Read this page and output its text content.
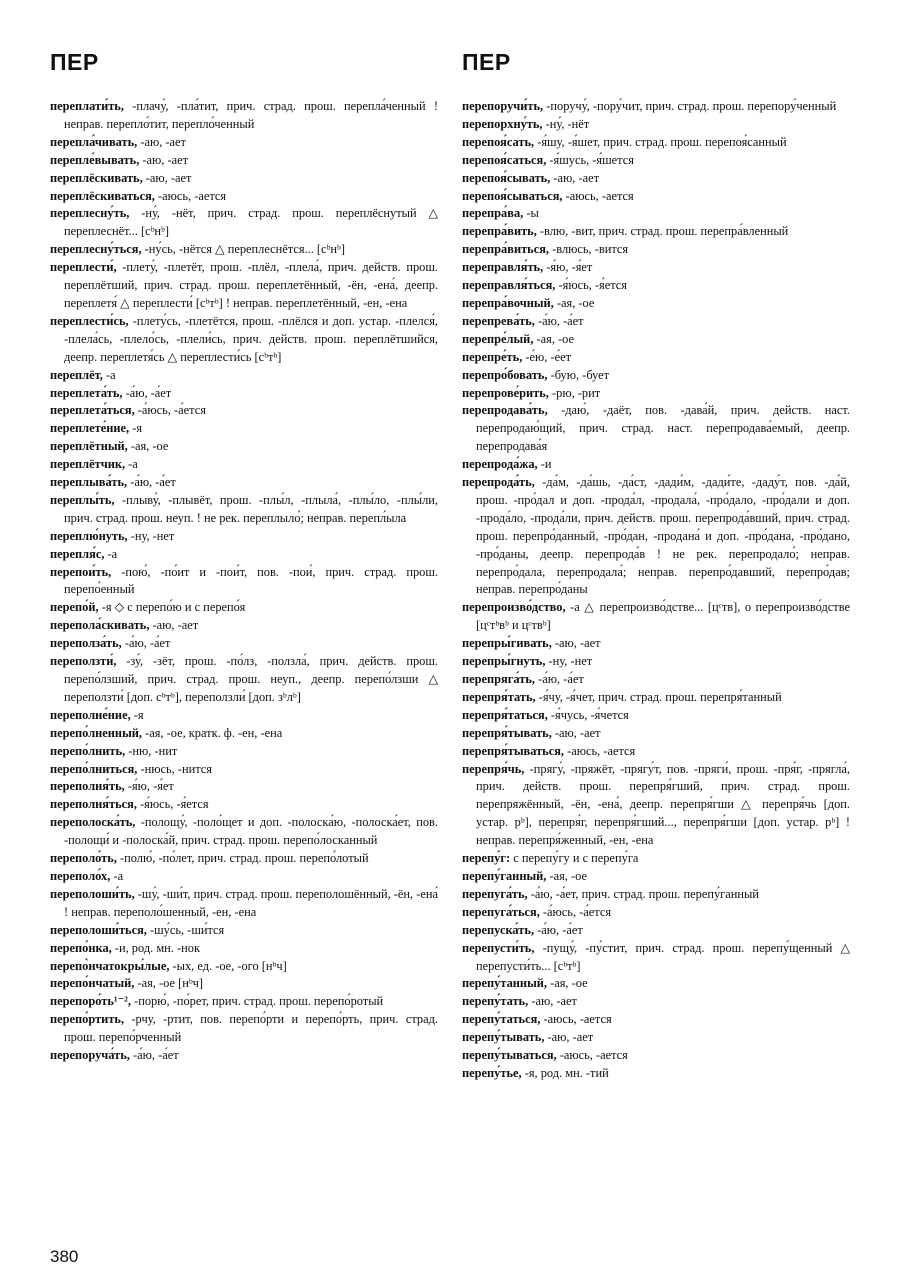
ПЕР

переплати́ть, -плачу́, -пла́тит, прич. страд. прош. перепла́ченный ! неправ. перепло́тит, перепло́ченный

перепла́чивать, -аю, -ает

перепле́вывать, -аю, -ает

переплёскивать, -аю, -ает

переплёскиваться, -аюсь, -ается

переплесну́ть, -ну́, -нёт, прич. страд. прош. переплёснутый △ переплеснёт... [сᵇнᵇ]

переплесну́ться, -ну́сь, -нётся △ переплеснётся... [сᵇнᵇ]

переплести́, -плету́, -плетёт, прош. -плёл, -плела́, прич. действ. прош. переплётший, прич. страд. прош. переплетённый, -ён, -ена́, деепр. переплетя́ △ переплести́ [сᵇтᵇ] ! неправ. переплетённый, -ен, -ена

переплести́сь, -плету́сь, -плетётся, прош. -плёлся и доп. устар. -плелся́, -плела́сь, -плело́сь, -плели́сь, прич. действ. прош. переплётшийся, деепр. переплетя́сь △ переплести́сь [сᵇтᵇ]

переплёт, -а

переплета́ть, -а́ю, -а́ет

переплета́ться, -а́юсь, -а́ется

переплете́ние, -я

переплётный, -ая, -ое

переплётчик, -а

переплыва́ть, -а́ю, -а́ет

переплы́ть, -плыву́, -плывёт, прош. -плы́л, -плыла́, -плы́ло, -плы́ли, прич. страд. прош. неуп. ! не рек. переплыло́; неправ. перепл́ыла

переплю́нуть, -ну, -нет

перепля́с, -а

перепои́ть, -пою́, -по́ит и -пои́т, пов. -пои́, прич. страд. прош. перепо́енный

перепо́й, -я ◇ с перепо́ю и с перепо́я

перепола́скивать, -аю, -ает

переполза́ть, -а́ю, -а́ет

переползти́, -зу́, -зёт, прош. -по́лз, -ползла́, прич. действ. прош. перепо́лзший, прич. страд. прош. неуп., деепр. перепо́лзши △ переползти́ [доп. сᵇтᵇ], переползли́ [доп. зᵇлᵇ]

переполне́ние, -я

перепо́лненный, -ая, -ое, кратк. ф. -ен, -ена

перепо́лнить, -ню, -нит

перепо́лниться, -нюсь, -нится

переполня́ть, -я́ю, -я́ет

переполня́ться, -я́юсь, -я́ется

переполоска́ть, -полощу́, -поло́щет и доп. -полоска́ю, -полоска́ет, пов. -полощи́ и -полоска́й, прич. страд. прош. перепо́лосканный

переполо́ть, -полю́, -по́лет, прич. страд. прош. перепо́лотый

переполо́х, -а

переполоши́ть, -шу́, -ши́т, прич. страд. прош. переполошённый, -ён, -ена́ ! неправ. переполо́шенный, -ен, -ена

переполоши́ться, -шу́сь, -ши́тся

перепо́нка, -и, род. мн. -нок

перепо̀нчатокры́лые, -ых, ед. -ое, -ого [нᵇч]

перепо́нчатый, -ая, -ое [нᵇч]

перепоро́ть¹⁻², -порю́, -по́рет, прич. страд. прош. перепо́ротый

перепо́ртить, -рчу, -ртит, пов. перепо́рти и перепо́рть, прич. страд. прош. перепо́рченный

перепоруча́ть, -а́ю, -а́ет

ПЕР

перепоручи́ть, -поручу́, -пору́чит, прич. страд. прош. перепору́ченный

перепорхну́ть, -ну́, -нёт

перепоя́сать, -я́шу, -я́шет, прич. страд. прош. перепоя́санный

перепоя́саться, -я́шусь, -я́шется

перепоя́сывать, -аю, -ает

перепоя́сываться, -аюсь, -ается

перепра́ва, -ы

перепра́вить, -влю, -вит, прич. страд. прош. перепра́вленный

перепра́виться, -влюсь, -вится

переправля́ть, -я́ю, -я́ет

переправля́ться, -я́юсь, -я́ется

перепра́вочный, -ая, -ое

перепрева́ть, -а́ю, -а́ет

перепре́лый, -ая, -ое

перепре́ть, -е́ю, -е́ет

перепро́бовать, -бую, -бует

перепрове́рить, -рю, -рит

перепродава́ть, -даю́, -даёт, пов. -дава́й, прич. действ. наст. перепродаю́щий, прич. страд. наст. перепродава́емый, деепр. перепродава́я

перепрода́жа, -и

перепрода́ть, -да́м, -да́шь, -да́ст, -дади́м, -дади́те, -даду́т, пов. -да́й, прош. -про́дал и доп. -прода́л, -продала́, -про́дало, -про́дали и доп. -прода́ло, -прода́ли, прич. действ. прош. перепрода́вший, прич. страд. прош. перепро́данный, -про́дан, -продана́ и доп. -про́дана, -про́дано, -про́даны, деепр. перепрода́в ! не рек. перепродало́; неправ. перепро́дала, перепродала́; неправ. перепро́давший, перепро́дав; неправ. перепро́даны

перепроизво́дство, -а △ перепроизво́дстве... [цᶜтв], о перепроизво́дстве [цᶜтᵇвᵇ и цᶜтвᵇ]

перепры́гивать, -аю, -ает

перепры́гнуть, -ну, -нет

перепряга́ть, -а́ю, -а́ет

перепря́тать, -я́чу, -я́чет, прич. страд. прош. перепря́танный

перепря́таться, -я́чусь, -я́чется

перепря́тывать, -аю, -ает

перепря́тываться, -аюсь, -ается

перепря́чь, -прягу́, -пряжёт, -прягу́т, пов. -пряги́, прош. -пря́г, -прягла́, прич. действ. прош. перепря́гший, прич. страд. прош. перепряжённый, -ён, -ена́, деепр. перепря́гши △ перепря́чь [доп. устар. рᵇ], перепря́г, перепря́гший..., перепря́гши [доп. устар. рᵇ] ! неправ. перепря́женный, -ен, -ена

перепу́г: с перепу́гу и с перепу́га

перепу́ганный, -ая, -ое

перепуга́ть, -а́ю, -а́ет, прич. страд. прош. перепу́ганный

перепуга́ться, -а́юсь, -а́ется

перепуска́ть, -а́ю, -а́ет

перепусти́ть, -пущу́, -пу́стит, прич. страд. прош. перепу́щенный △ перепусти́ть... [сᵇтᵇ]

перепу́танный, -ая, -ое

перепу́тать, -аю, -ает

перепу́таться, -аюсь, -ается

перепу́тывать, -аю, -ает

перепу́тываться, -аюсь, -ается

перепу́тье, -я, род. мн. -тий

380
